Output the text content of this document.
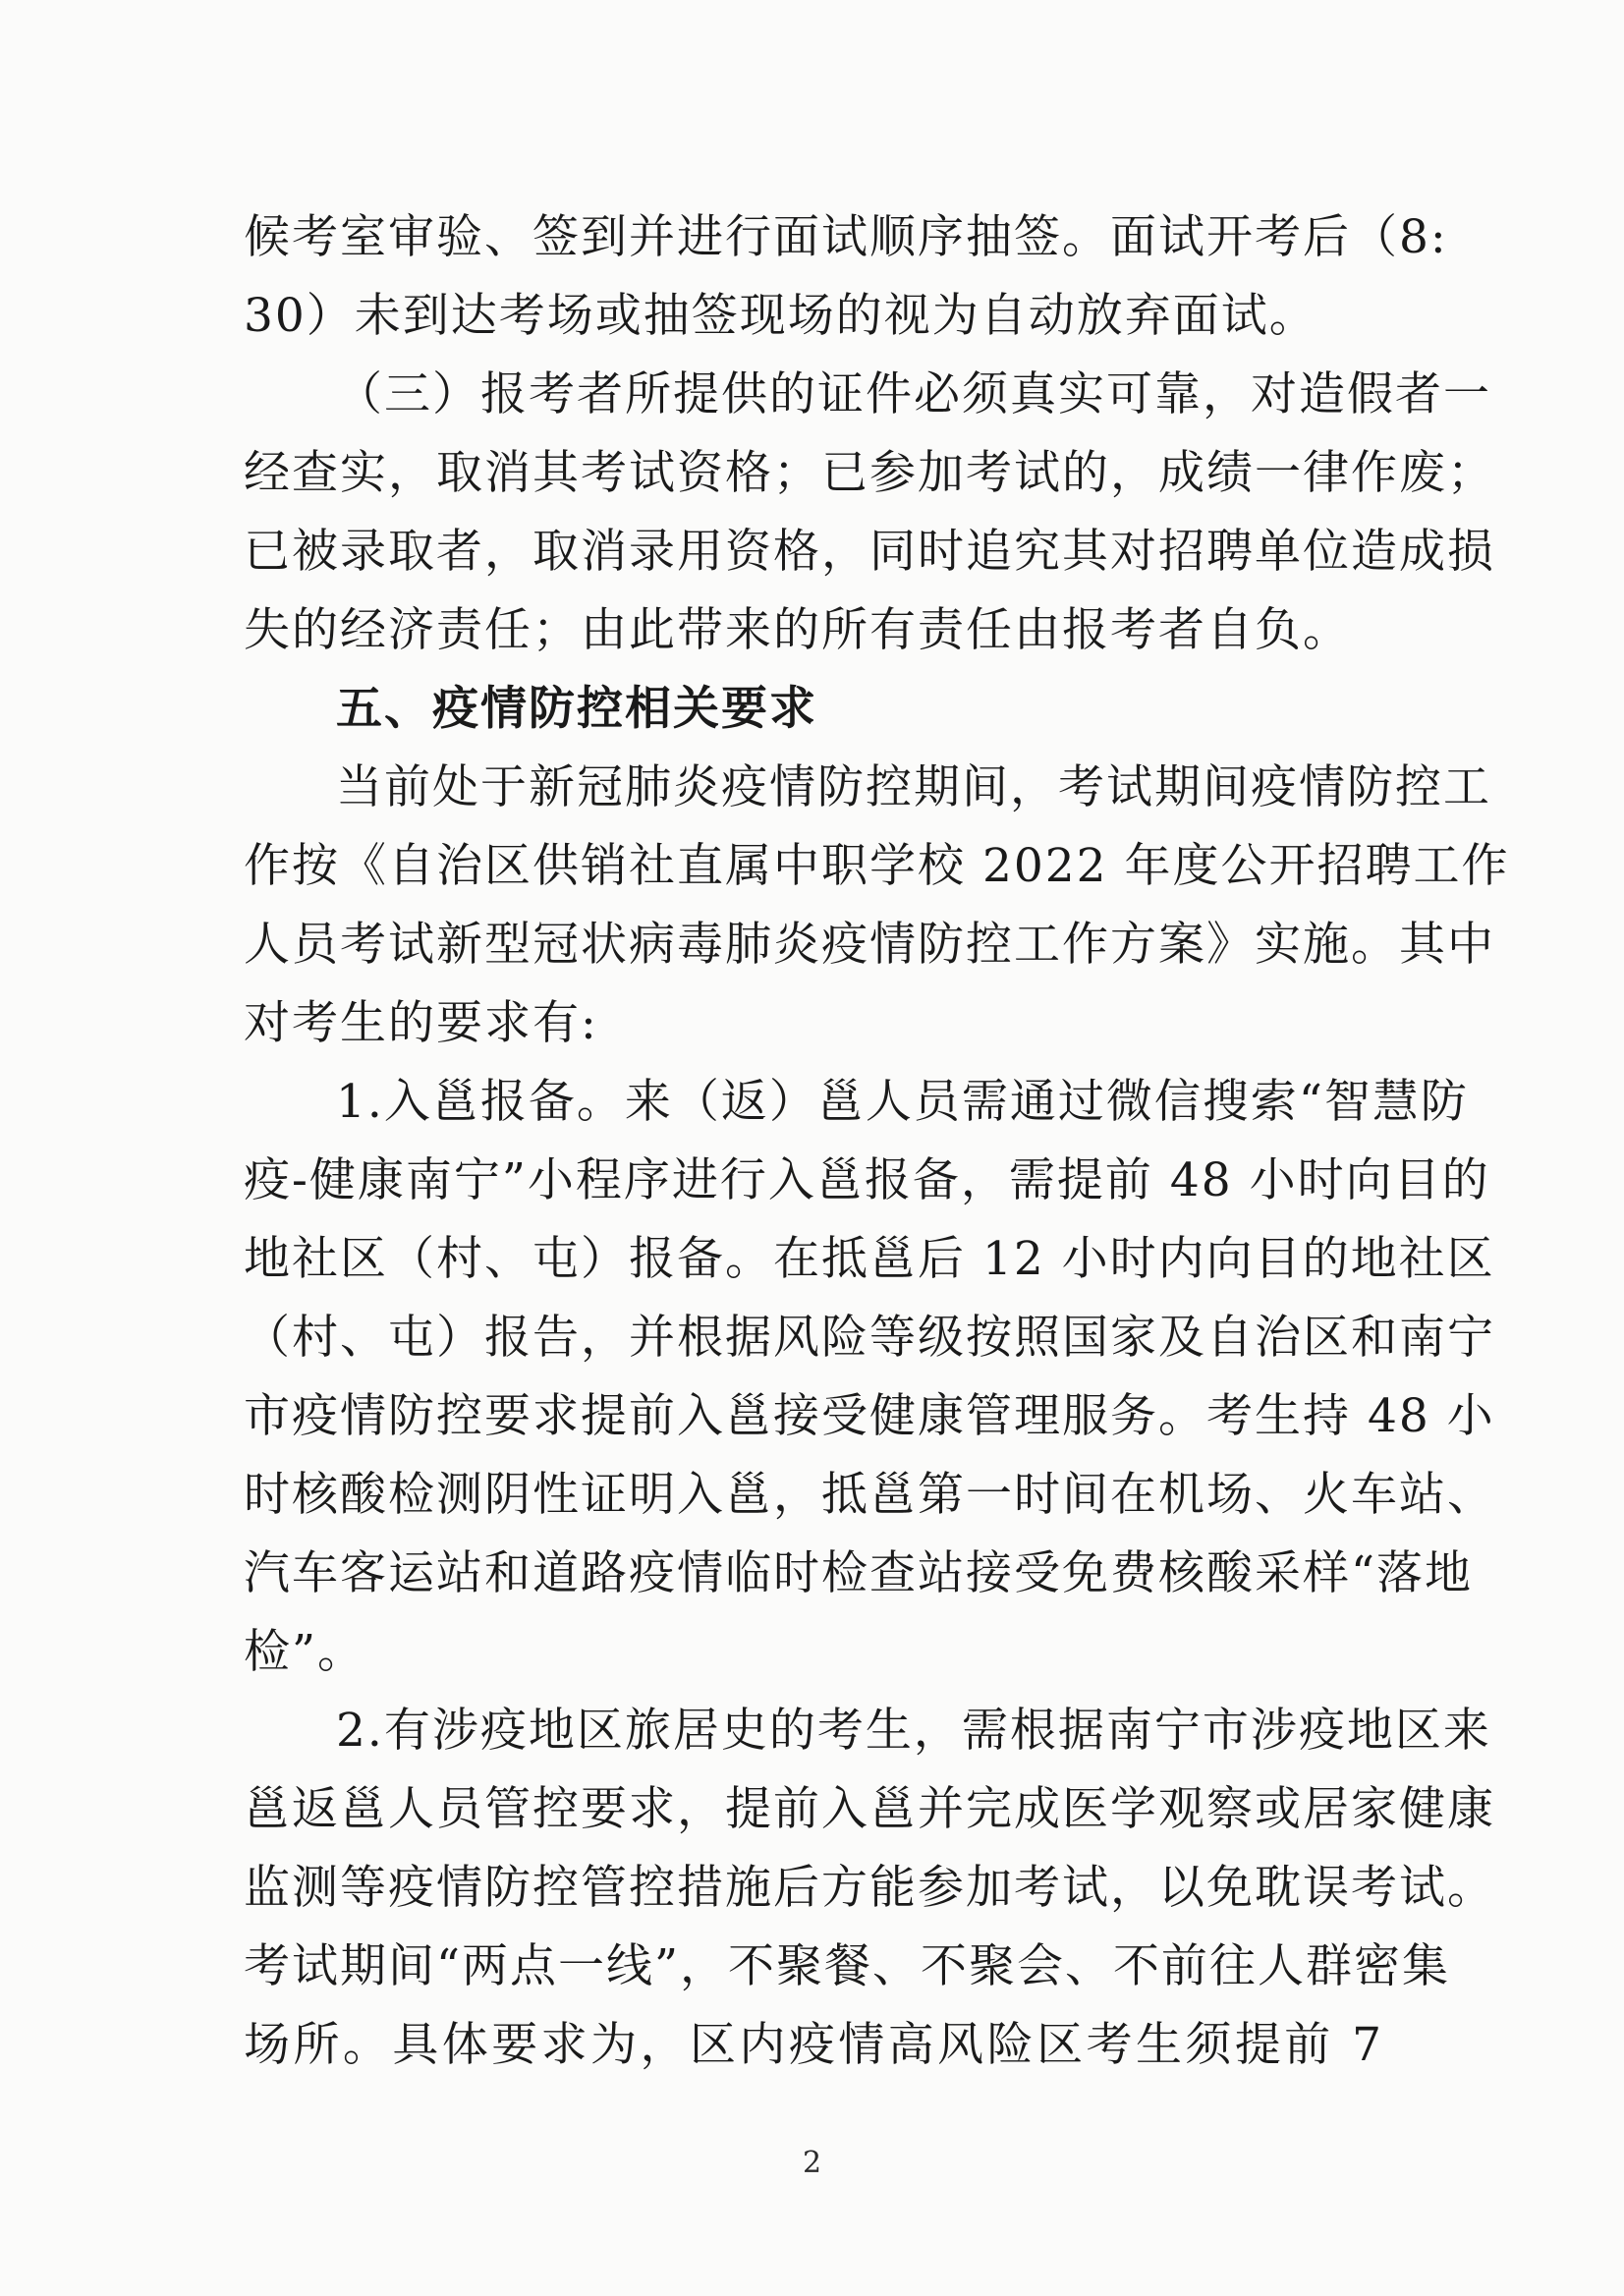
候考室审验、签到并进行面试顺序抽签。面试开考后（8:
30）未到达考场或抽签现场的视为自动放弃面试。
（三）报考者所提供的证件必须真实可靠，对造假者一
经查实，取消其考试资格；已参加考试的，成绩一律作废；
已被录取者，取消录用资格，同时追究其对招聘单位造成损
失的经济责任；由此带来的所有责任由报考者自负。
五、疫情防控相关要求
当前处于新冠肺炎疫情防控期间，考试期间疫情防控工
作按《自治区供销社直属中职学校 2022 年度公开招聘工作
人员考试新型冠状病毒肺炎疫情防控工作方案》实施。其中
对考生的要求有:
1.入邕报备。来（返）邕人员需通过微信搜索“智慧防
疫-健康南宁”小程序进行入邕报备，需提前 48 小时向目的
地社区（村、屯）报备。在抵邕后 12 小时内向目的地社区
（村、屯）报告，并根据风险等级按照国家及自治区和南宁
市疫情防控要求提前入邕接受健康管理服务。考生持 48 小
时核酸检测阴性证明入邕，抵邕第一时间在机场、火车站、
汽车客运站和道路疫情临时检查站接受免费核酸采样“落地
检”。
2.有涉疫地区旅居史的考生，需根据南宁市涉疫地区来
邕返邕人员管控要求，提前入邕并完成医学观察或居家健康
监测等疫情防控管控措施后方能参加考试，以免耽误考试。
考试期间“两点一线”，不聚餐、不聚会、不前往人群密集
场所。具体要求为，区内疫情高风险区考生须提前 7
2
